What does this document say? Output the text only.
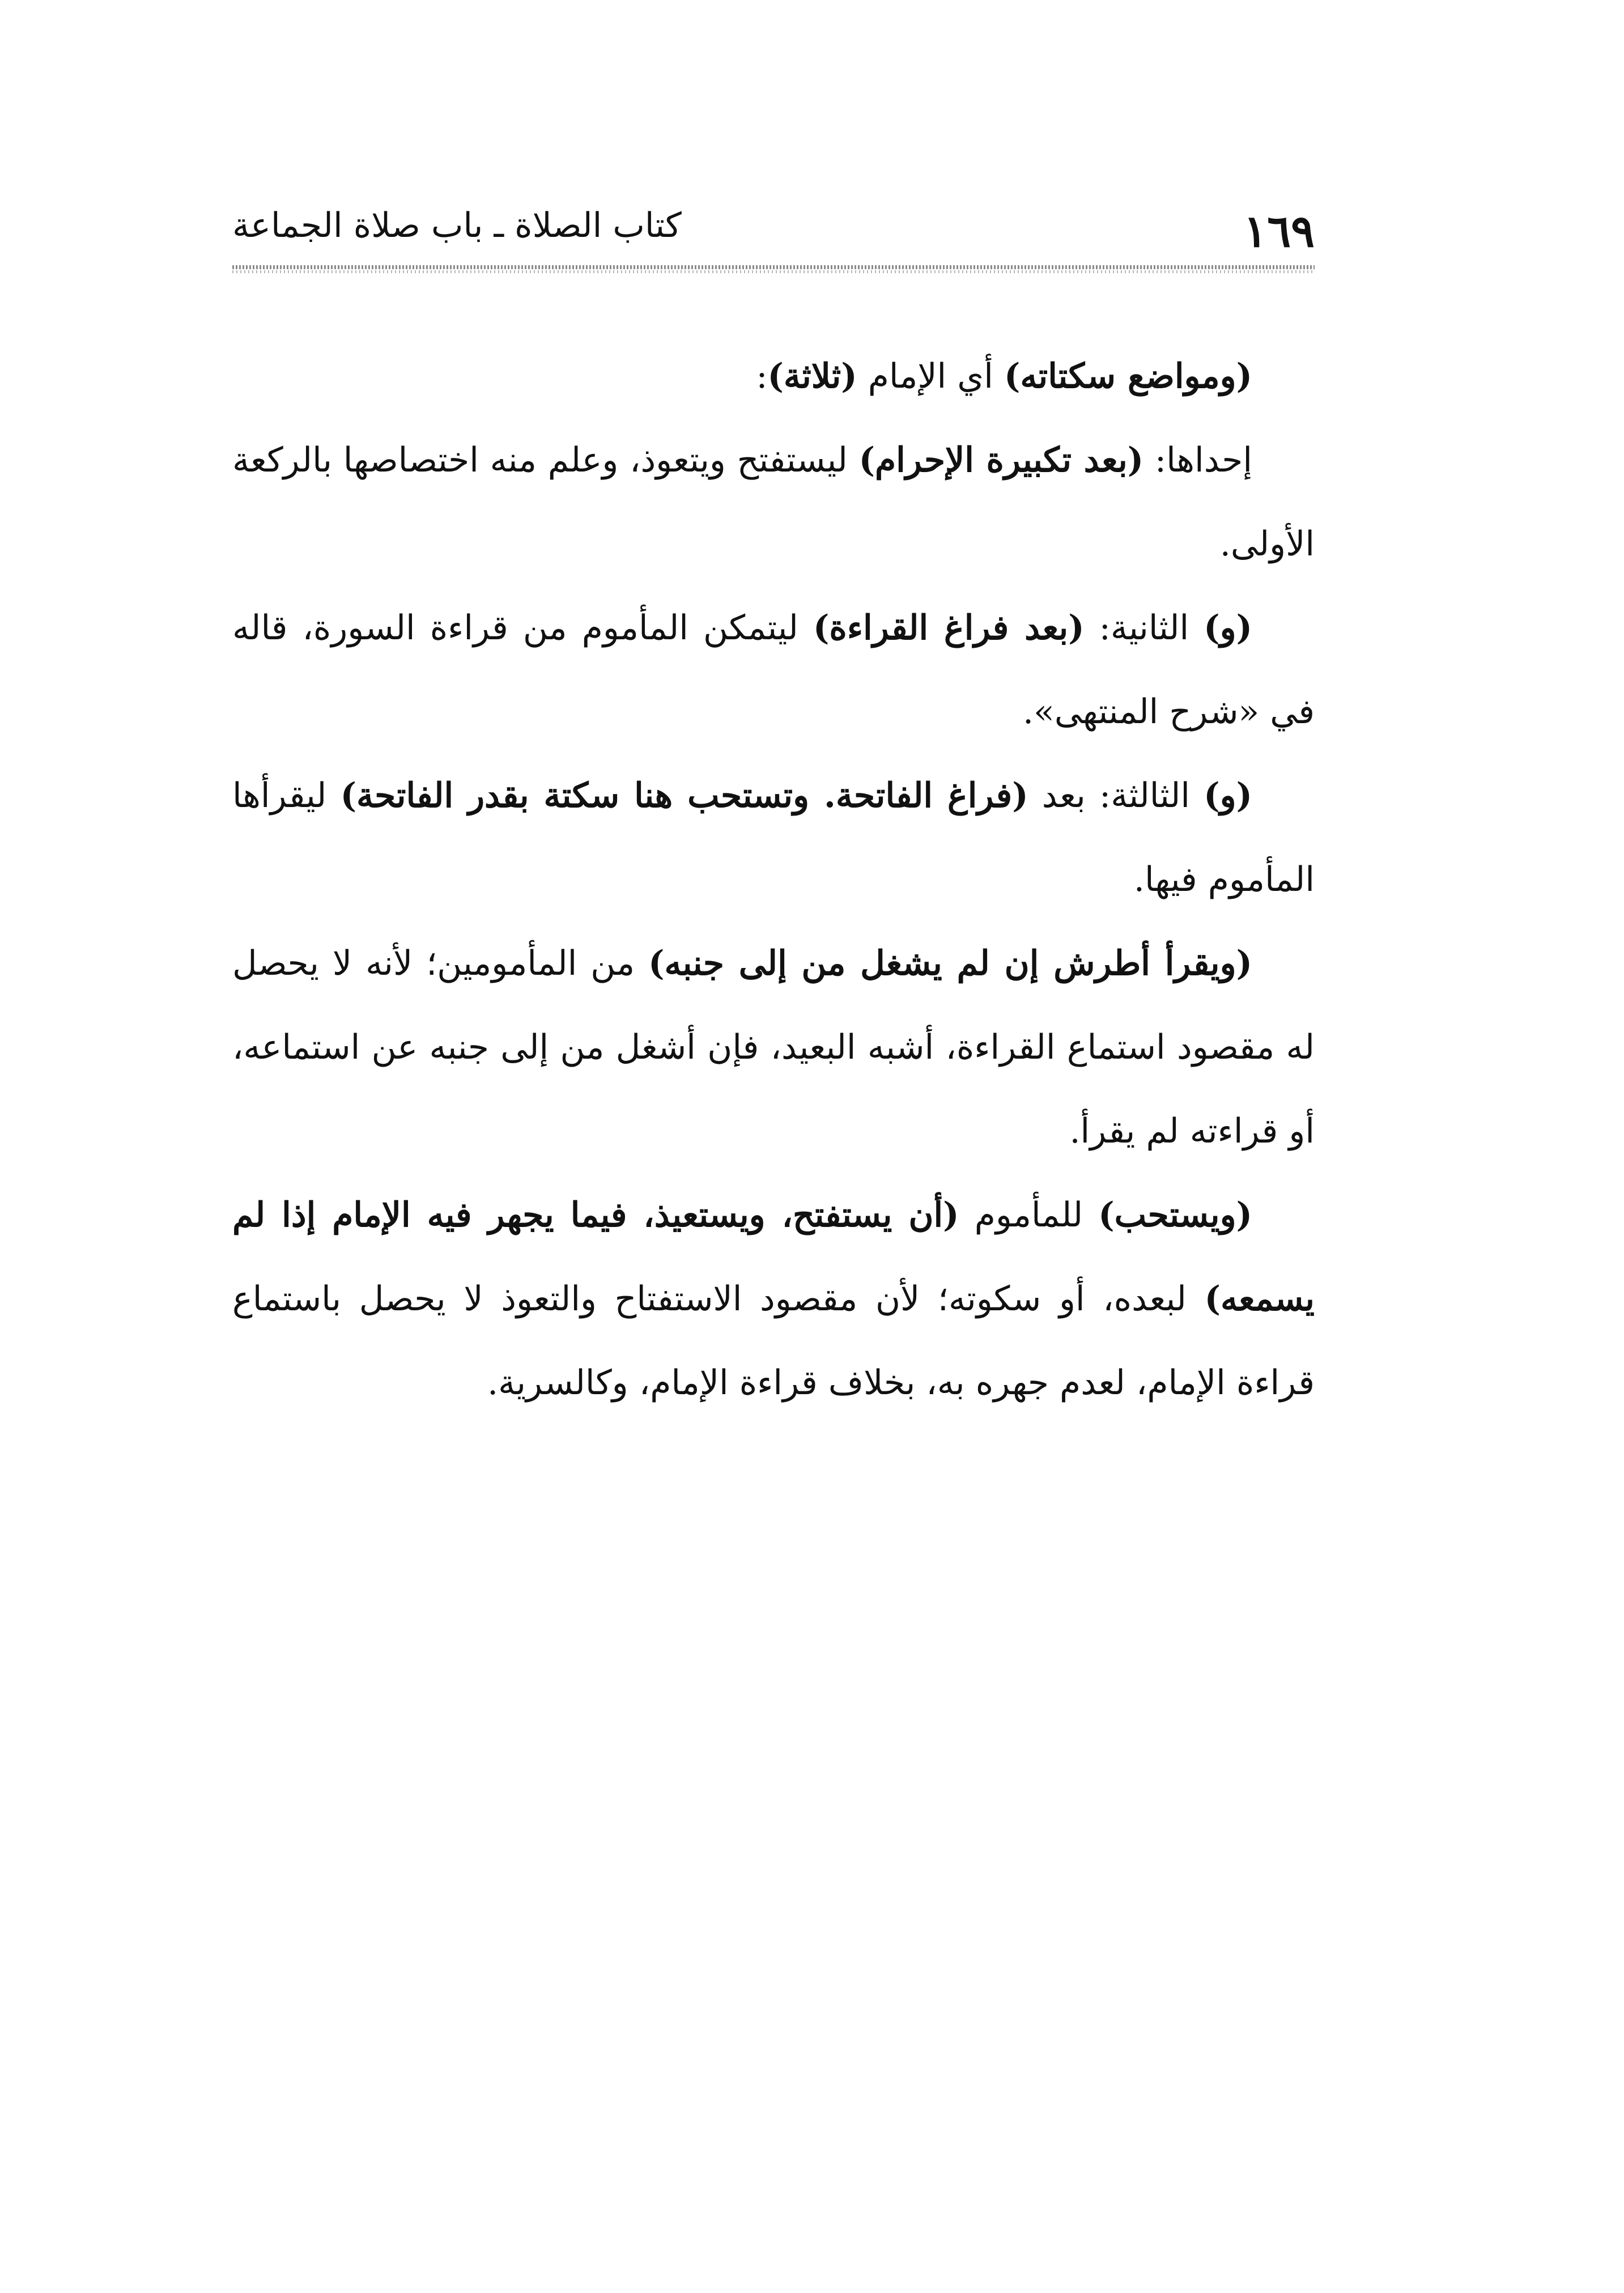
١٦٩
كتاب الصلاة ـ باب صلاة الجماعة

(ومواضع سكتاته) أي الإمام (ثلاثة):

إحداها: (بعد تكبيرة الإحرام) ليستفتح ويتعوذ، وعلم منه اختصاصها بالركعة الأولى.

(و) الثانية: (بعد فراغ القراءة) ليتمكن المأموم من قراءة السورة، قاله في «شرح المنتهى».

(و) الثالثة: بعد (فراغ الفاتحة. وتستحب هنا سكتة بقدر الفاتحة) ليقرأها المأموم فيها.

(ويقرأ أطرش إن لم يشغل من إلى جنبه) من المأمومين؛ لأنه لا يحصل له مقصود استماع القراءة، أشبه البعيد، فإن أشغل من إلى جنبه عن استماعه، أو قراءته لم يقرأ.

(ويستحب) للمأموم (أن يستفتح، ويستعيذ، فيما يجهر فيه الإمام إذا لم يسمعه) لبعده، أو سكوته؛ لأن مقصود الاستفتاح والتعوذ لا يحصل باستماع قراءة الإمام، لعدم جهره به، بخلاف قراءة الإمام، وكالسرية.
